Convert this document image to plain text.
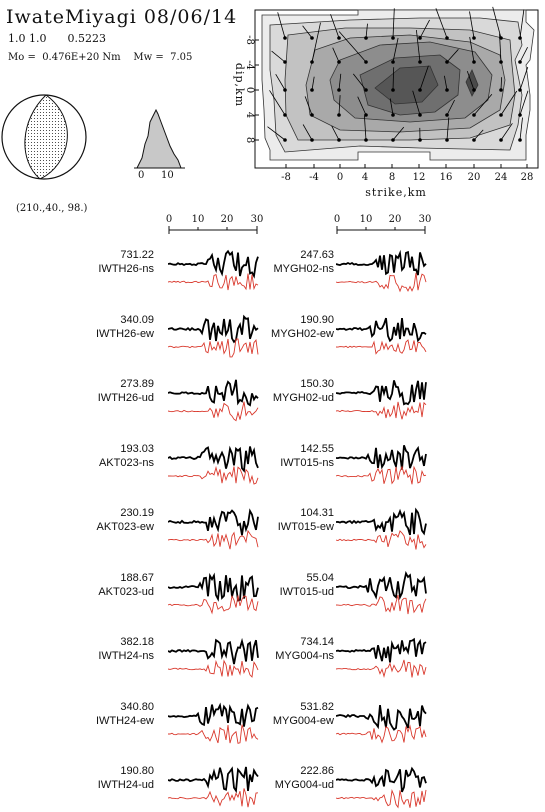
IwateMiyagi 08/06/14
1.0 1.0 0.5223
Mo = 0.476E+20 Nm Mw = 7.05
(210.,40., 98.)
0 10	-8 -4 0 4 8 12 16 20 24 28
-8
-4
0
4
8
strike,km
dip,km
0 10 20 30	0 10 20 30
731.22
IWTH26-ns
340.09
IWTH26-ew
273.89
IWTH26-ud
193.03
AKT023-ns
230.19
AKT023-ew
188.67
AKT023-ud
382.18
IWTH24-ns
340.80
IWTH24-ew
190.80
IWTH24-ud
247.63
MYGH02-ns
190.90
MYGH02-ew
150.30
MYGH02-ud
142.55
IWT015-ns
104.31
IWT015-ew
55.04
IWT015-ud
734.14
MYG004-ns
531.82
MYG004-ew
222.86
MYG004-ud
